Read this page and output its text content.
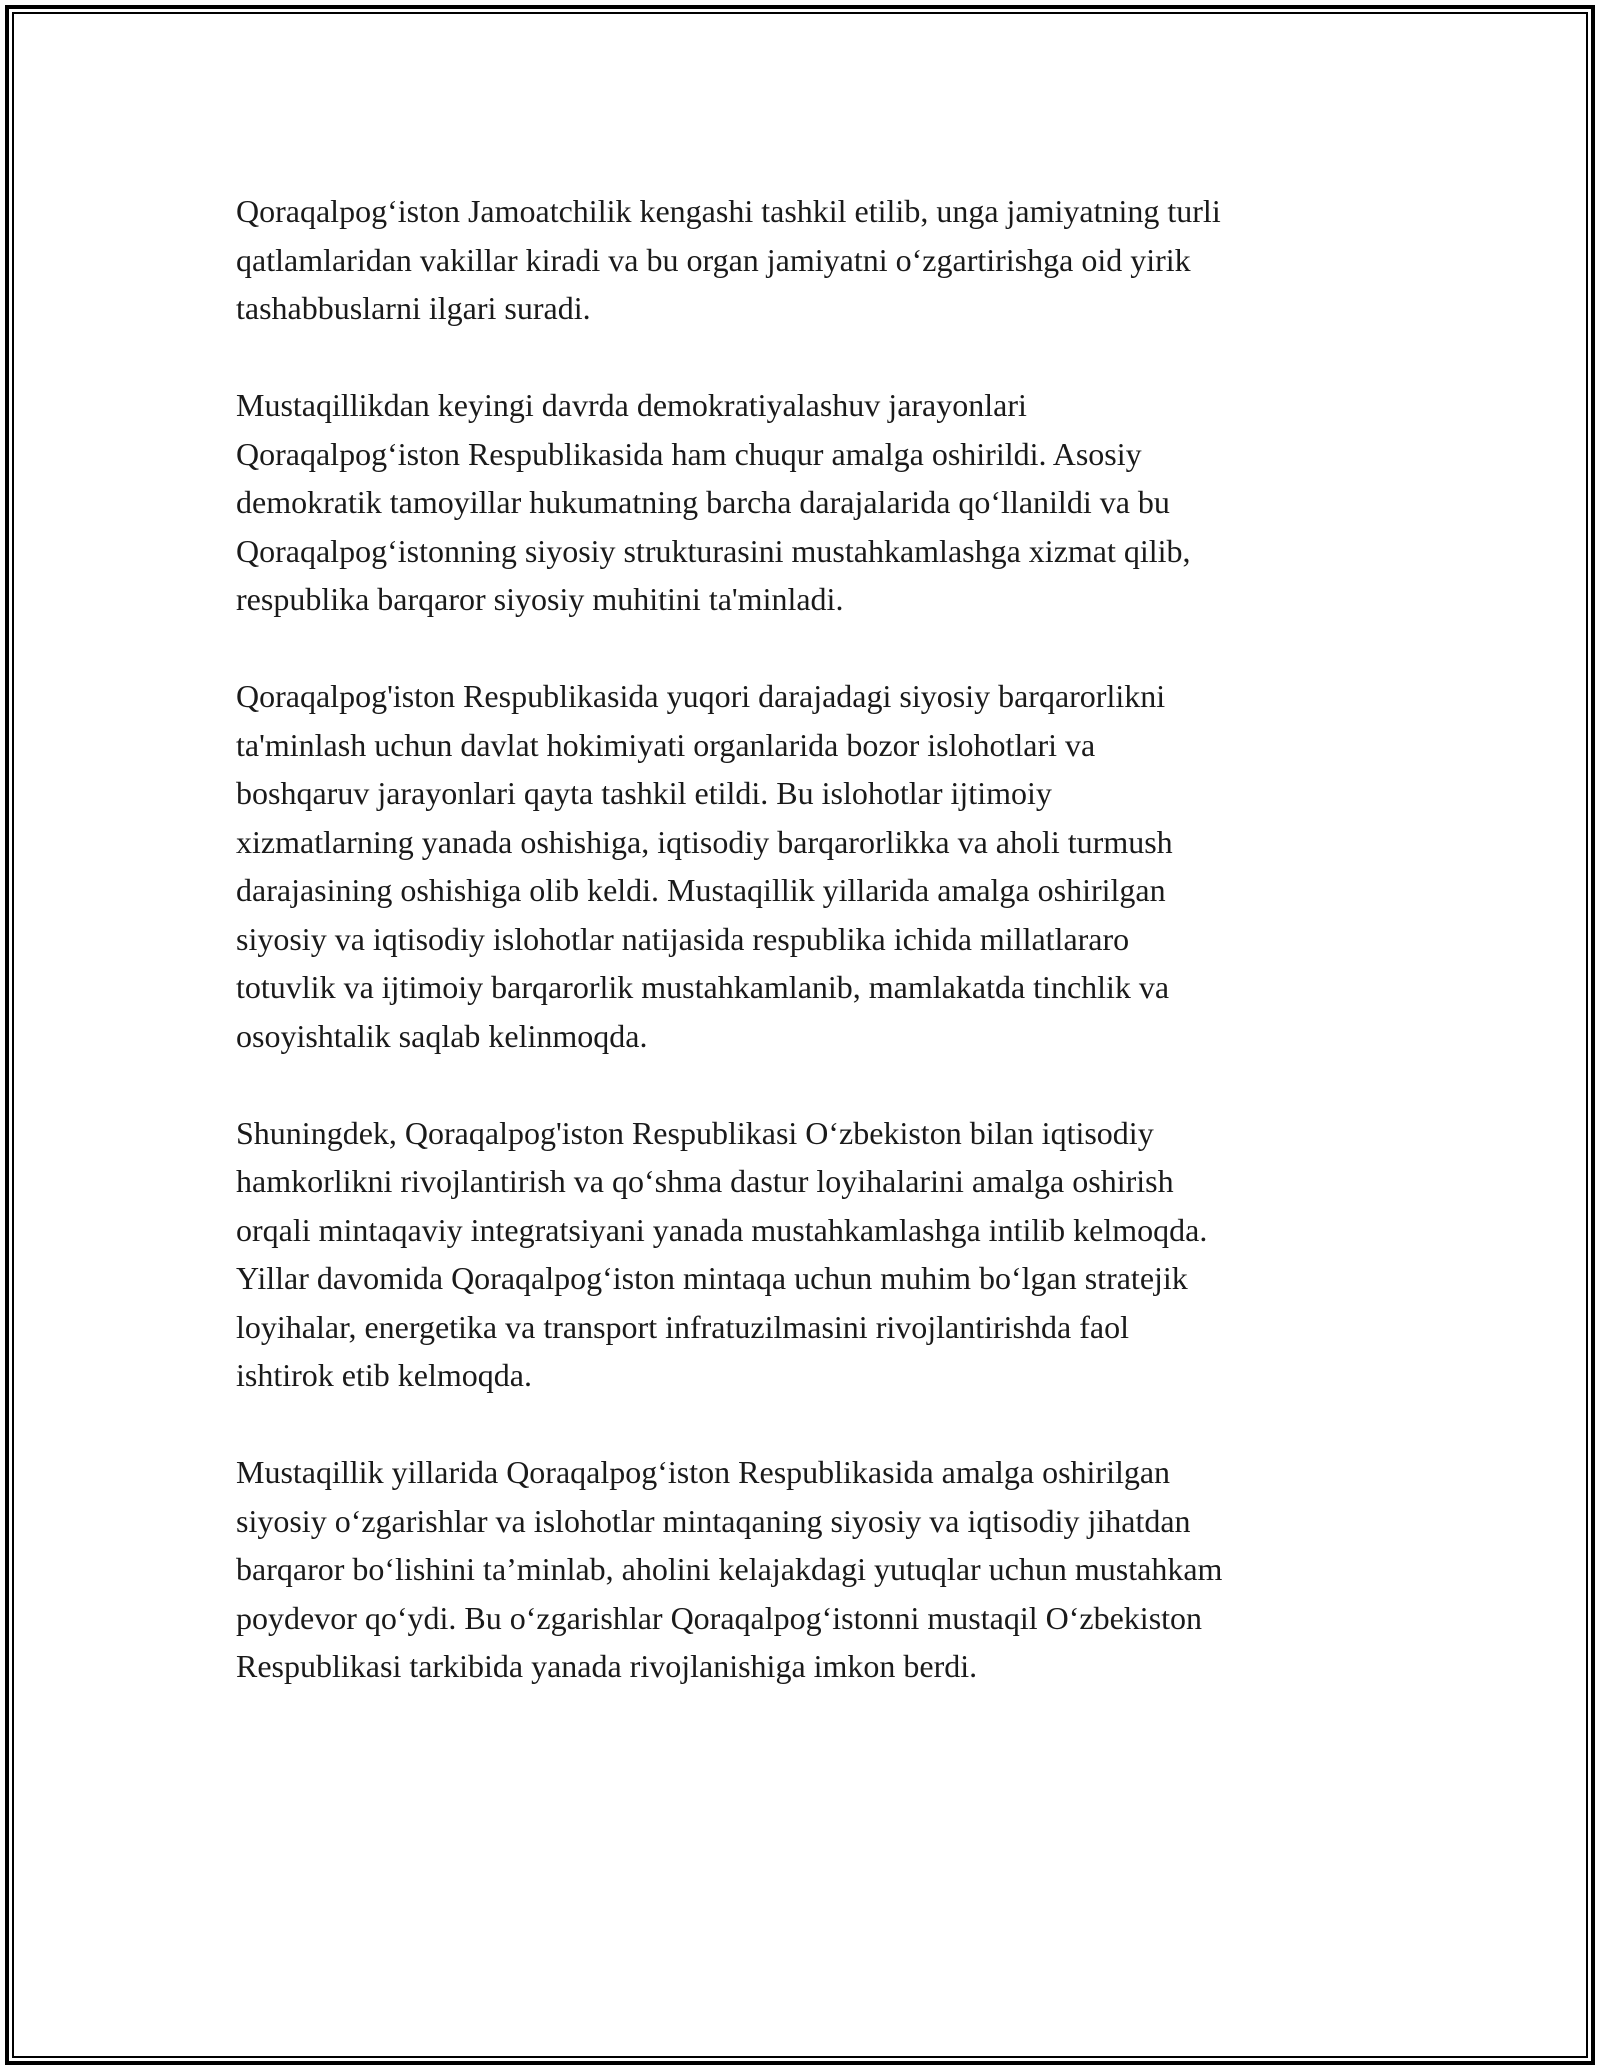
Qoraqalpog‘iston Jamoatchilik kengashi tashkil etilib, unga jamiyatning turli
qatlamlaridan vakillar kiradi va bu organ jamiyatni o‘zgartirishga oid yirik
tashabbuslarni ilgari suradi.

Mustaqillikdan keyingi davrda demokratiyalashuv jarayonlari
Qoraqalpog‘iston Respublikasida ham chuqur amalga oshirildi. Asosiy
demokratik tamoyillar hukumatning barcha darajalarida qo‘llanildi va bu
Qoraqalpog‘istonning siyosiy strukturasini mustahkamlashga xizmat qilib,
respublika barqaror siyosiy muhitini ta'minladi.

Qoraqalpog'iston Respublikasida yuqori darajadagi siyosiy barqarorlikni
ta'minlash uchun davlat hokimiyati organlarida bozor islohotlari va
boshqaruv jarayonlari qayta tashkil etildi. Bu islohotlar ijtimoiy
xizmatlarning yanada oshishiga, iqtisodiy barqarorlikka va aholi turmush
darajasining oshishiga olib keldi. Mustaqillik yillarida amalga oshirilgan
siyosiy va iqtisodiy islohotlar natijasida respublika ichida millatlararo
totuvlik va ijtimoiy barqarorlik mustahkamlanib, mamlakatda tinchlik va
osoyishtalik saqlab kelinmoqda.

Shuningdek, Qoraqalpog'iston Respublikasi O‘zbekiston bilan iqtisodiy
hamkorlikni rivojlantirish va qo‘shma dastur loyihalarini amalga oshirish
orqali mintaqaviy integratsiyani yanada mustahkamlashga intilib kelmoqda.
Yillar davomida Qoraqalpog‘iston mintaqa uchun muhim bo‘lgan stratejik
loyihalar, energetika va transport infratuzilmasini rivojlantirishda faol
ishtirok etib kelmoqda.

Mustaqillik yillarida Qoraqalpog‘iston Respublikasida amalga oshirilgan
siyosiy o‘zgarishlar va islohotlar mintaqaning siyosiy va iqtisodiy jihatdan
barqaror bo‘lishini ta’minlab, aholini kelajakdagi yutuqlar uchun mustahkam
poydevor qo‘ydi. Bu o‘zgarishlar Qoraqalpog‘istonni mustaqil O‘zbekiston
Respublikasi tarkibida yanada rivojlanishiga imkon berdi.
